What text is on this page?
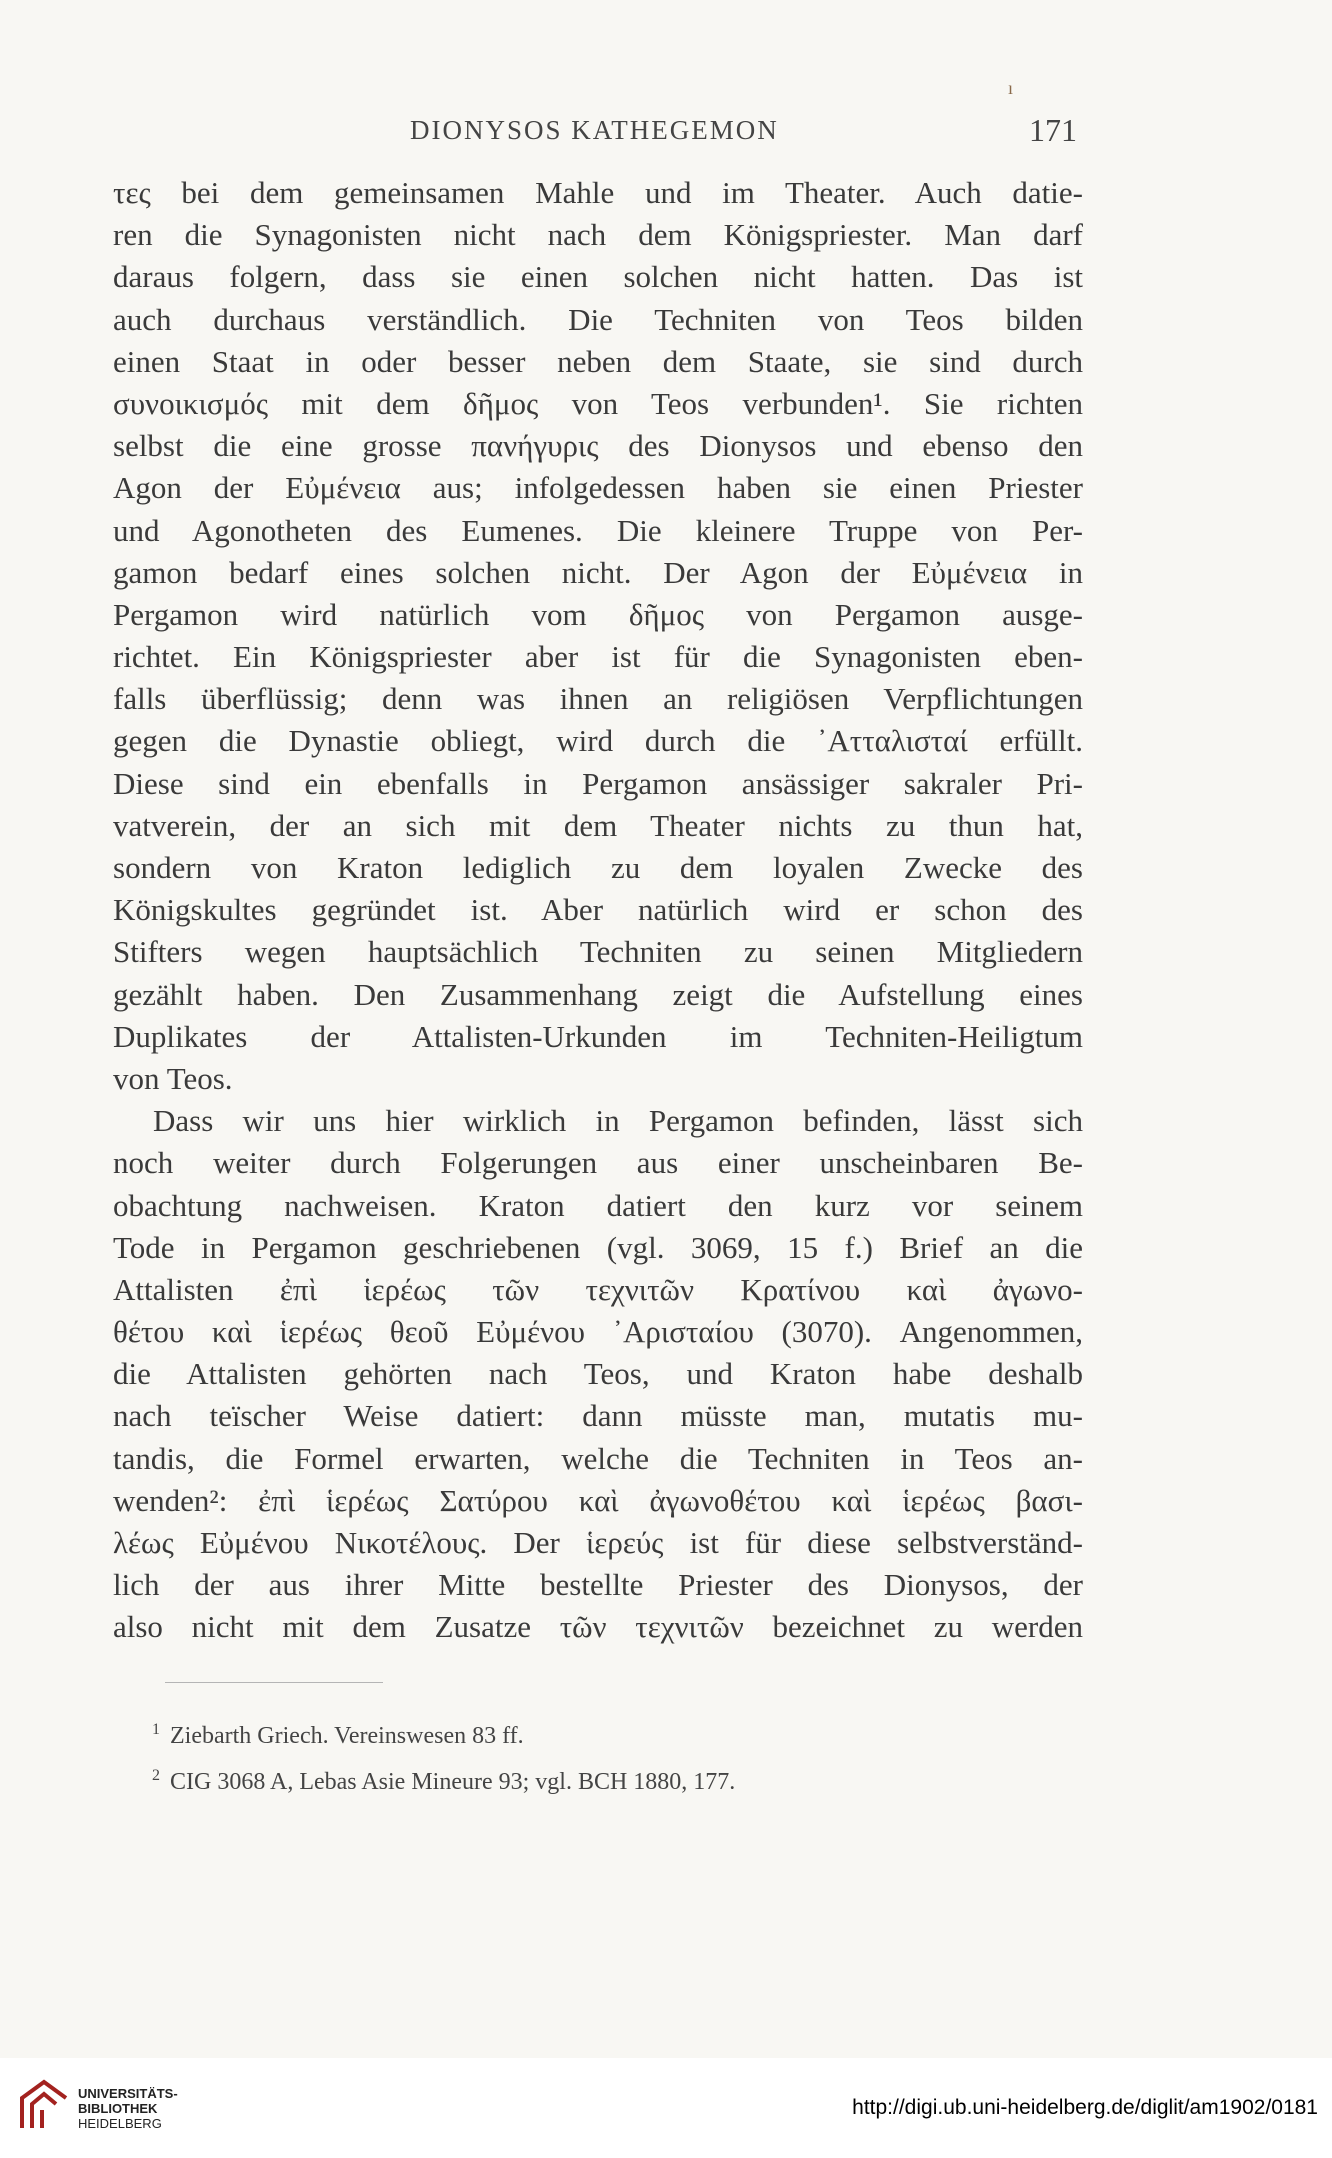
ı
DIONYSOS KATHEGEMON	171
τες bei dem gemeinsamen Mahle und im Theater. Auch datie-
ren die Synagonisten nicht nach dem Königspriester. Man darf
daraus folgern, dass sie einen solchen nicht hatten. Das ist
auch durchaus verständlich. Die Techniten von Teos bilden
einen Staat in oder besser neben dem Staate, sie sind durch
συνοικισμός mit dem δῆμος von Teos verbunden¹. Sie richten
selbst die eine grosse πανήγυρις des Dionysos und ebenso den
Agon der Εὐμένεια aus; infolgedessen haben sie einen Priester
und Agonotheten des Eumenes. Die kleinere Truppe von Per-
gamon bedarf eines solchen nicht. Der Agon der Εὐμένεια in
Pergamon wird natürlich vom δῆμος von Pergamon ausge-
richtet. Ein Königspriester aber ist für die Synagonisten eben-
falls überflüssig; denn was ihnen an religiösen Verpflichtungen
gegen die Dynastie obliegt, wird durch die ᾽Ατταλισταί erfüllt.
Diese sind ein ebenfalls in Pergamon ansässiger sakraler Pri-
vatverein, der an sich mit dem Theater nichts zu thun hat,
sondern von Kraton lediglich zu dem loyalen Zwecke des
Königskultes gegründet ist. Aber natürlich wird er schon des
Stifters wegen hauptsächlich Techniten zu seinen Mitgliedern
gezählt haben. Den Zusammenhang zeigt die Aufstellung eines
Duplikates der Attalisten-Urkunden im Techniten-Heiligtum
von Teos.
Dass wir uns hier wirklich in Pergamon befinden, lässt sich
noch weiter durch Folgerungen aus einer unscheinbaren Be-
obachtung nachweisen. Kraton datiert den kurz vor seinem
Tode in Pergamon geschriebenen (vgl. 3069, 15 f.) Brief an die
Attalisten ἐπὶ ἱερέως τῶν τεχνιτῶν Κρατίνου καὶ ἀγωνο-
θέτου καὶ ἱερέως θεοῦ Εὐμένου ᾽Αρισταίου (3070). Angenommen,
die Attalisten gehörten nach Teos, und Kraton habe deshalb
nach teïscher Weise datiert: dann müsste man, mutatis mu-
tandis, die Formel erwarten, welche die Techniten in Teos an-
wenden²: ἐπὶ ἱερέως Σατύρου καὶ ἀγωνοθέτου καὶ ἱερέως βασι-
λέως Εὐμένου Νικοτέλους. Der ἱερεύς ist für diese selbstverständ-
lich der aus ihrer Mitte bestellte Priester des Dionysos, der
also nicht mit dem Zusatze τῶν τεχνιτῶν bezeichnet zu werden
$^1$ Ziebarth Griech. Vereinswesen 83 ff.
$^2$ CIG 3068 A, Lebas Asie Mineure 93; vgl. BCH 1880, 177.
UNIVERSITÄTS-
BIBLIOTHEK
HEIDELBERG
http://digi.ub.uni-heidelberg.de/diglit/am1902/0181
